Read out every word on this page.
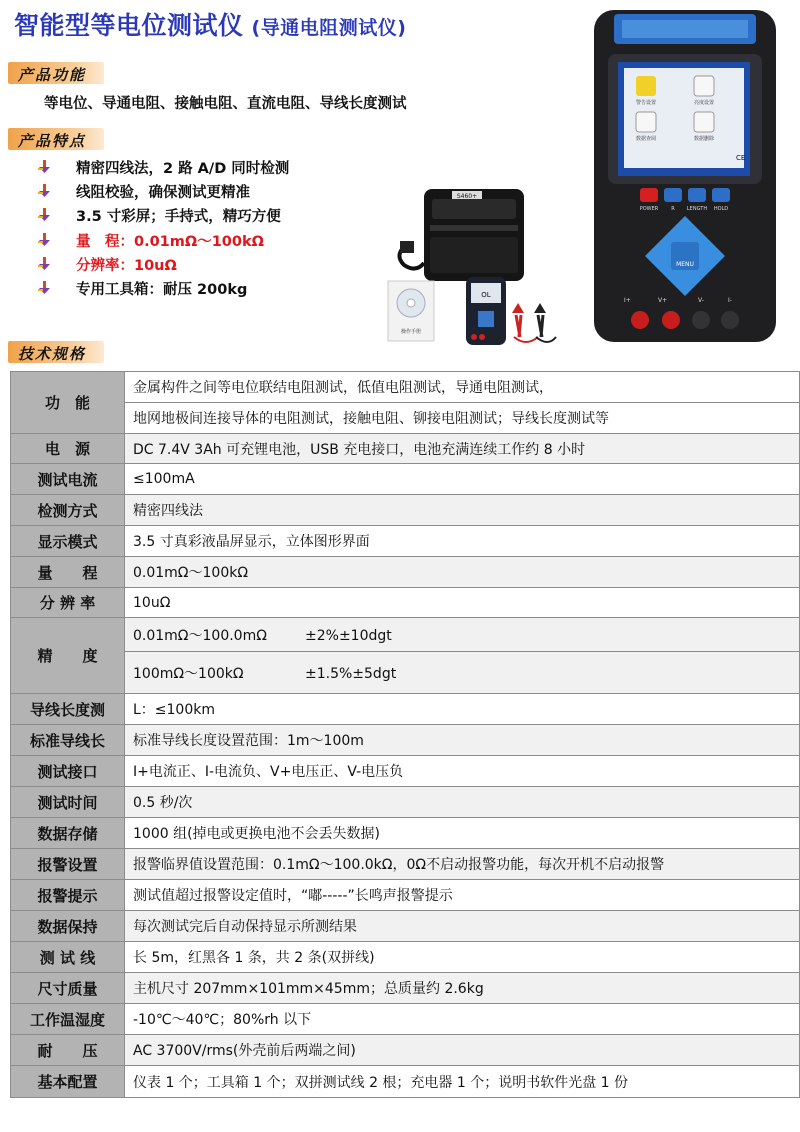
智能型等电位测试仪 (导通电阻测试仪)
产品功能
等电位、导通电阻、接触电阻、直流电阻、导线长度测试
产品特点
精密四线法，2 路 A/D 同时检测
线阻校验，确保测试更精准
3.5 寸彩屏；手持式，精巧方便
量　程：0.01mΩ～100kΩ
分辨率：10uΩ
专用工具箱：耐压 200kg
S460+
操作手册
OL
警告设置	亮度设置
数据查阅	数据删除
CE
POWER	R LENGTH HOLD
MENU
I+	V+	V-	I-
技术规格
功　能	金属构件之间等电位联结电阻测试，低值电阻测试，导通电阻测试，
	地网地极间连接导体的电阻测试，接触电阻、铆接电阻测试；导线长度测试等
电　源	DC 7.4V 3Ah 可充锂电池，USB 充电接口，电池充满连续工作约 8 小时
测试电流	≤100mA
检测方式	精密四线法
显示模式	3.5 寸真彩液晶屏显示，立体图形界面
量　　程	0.01mΩ～100kΩ
分 辨 率	10uΩ
精　　度	0.01mΩ～100.0mΩ ±2%±10dgt
	100mΩ～100kΩ ±1.5%±5dgt
导线长度测	L：≤100km
标准导线长	标准导线长度设置范围：1m～100m
测试接口	I+电流正、I-电流负、V+电压正、V-电压负
测试时间	0.5 秒/次
数据存储	1000 组(掉电或更换电池不会丢失数据)
报警设置	报警临界值设置范围：0.1mΩ～100.0kΩ，0Ω不启动报警功能，每次开机不启动报警
报警提示	测试值超过报警设定值时，“嘟-----”长鸣声报警提示
数据保持	每次测试完后自动保持显示所测结果
测 试 线	长 5m，红黑各 1 条，共 2 条(双拼线)
尺寸质量	主机尺寸 207mm×101mm×45mm；总质量约 2.6kg
工作温湿度	-10℃～40℃；80%rh 以下
耐　　压	AC 3700V/rms(外壳前后两端之间)
基本配置	仪表 1 个；工具箱 1 个；双拼测试线 2 根；充电器 1 个；说明书软件光盘 1 份
